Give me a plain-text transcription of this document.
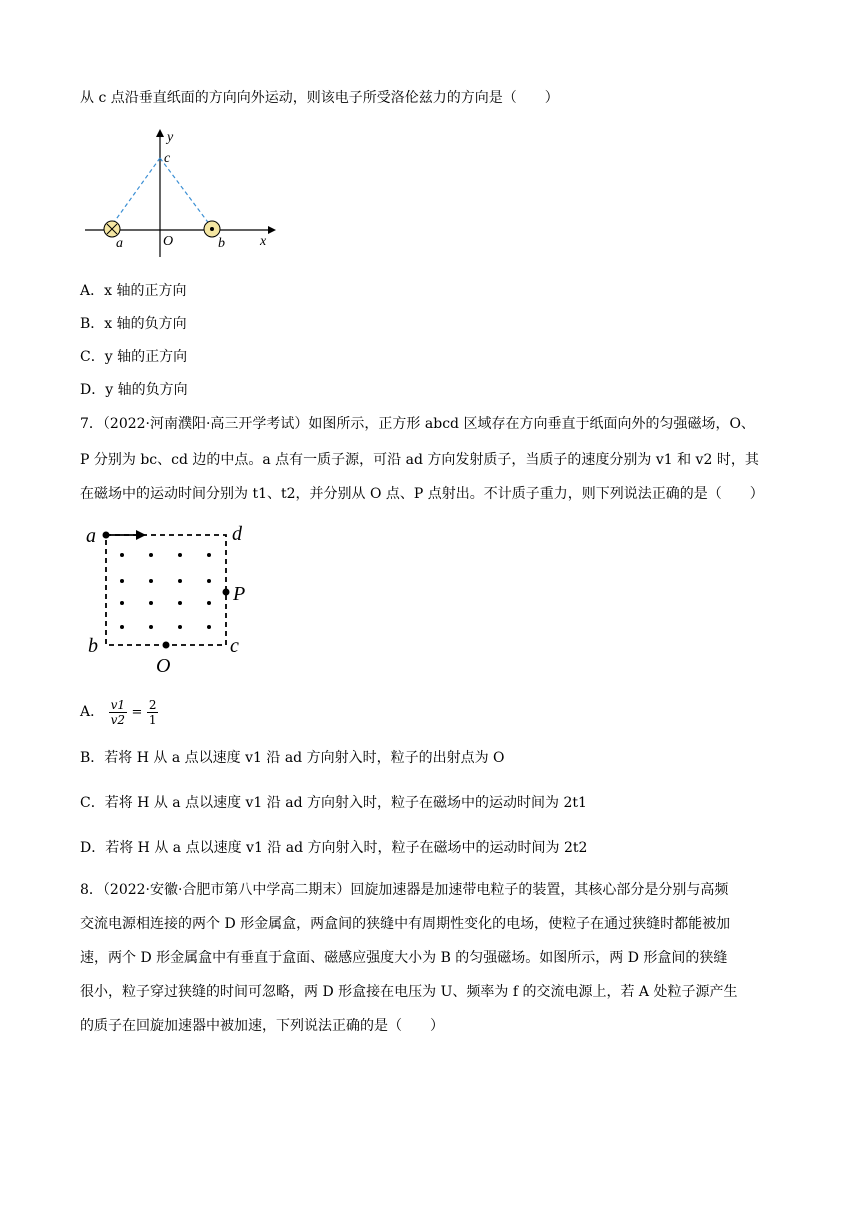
从 c 点沿垂直纸面的方向向外运动，则该电子所受洛伦兹力的方向是（　　）
y
c
x
O
a	b
A．x 轴的正方向
B．x 轴的负方向
C．y 轴的正方向
D．y 轴的负方向
7．（2022·河南濮阳·高三开学考试）如图所示，正方形 abcd 区域存在方向垂直于纸面向外的匀强磁场，O、
P 分别为 bc、cd 边的中点。a 点有一质子源，可沿 ad 方向发射质子，当质子的速度分别为 v1 和 v2 时，其
在磁场中的运动时间分别为 t1、t2，并分别从 O 点、P 点射出。不计质子重力，则下列说法正确的是（　　）
a	d
P
b	c
O
A． $\frac{v1}{v2} = \frac{2}{1}$
B．若将 H 从 a 点以速度 v1 沿 ad 方向射入时，粒子的出射点为 O
C．若将 H 从 a 点以速度 v1 沿 ad 方向射入时，粒子在磁场中的运动时间为 2t1
D．若将 H 从 a 点以速度 v1 沿 ad 方向射入时，粒子在磁场中的运动时间为 2t2
8．（2022·安徽·合肥市第八中学高二期末）回旋加速器是加速带电粒子的装置，其核心部分是分别与高频
交流电源相连接的两个 D 形金属盒，两盒间的狭缝中有周期性变化的电场，使粒子在通过狭缝时都能被加
速，两个 D 形金属盒中有垂直于盒面、磁感应强度大小为 B 的匀强磁场。如图所示，两 D 形盒间的狭缝
很小，粒子穿过狭缝的时间可忽略，两 D 形盒接在电压为 U、频率为 f 的交流电源上，若 A 处粒子源产生
的质子在回旋加速器中被加速，下列说法正确的是（　　）
